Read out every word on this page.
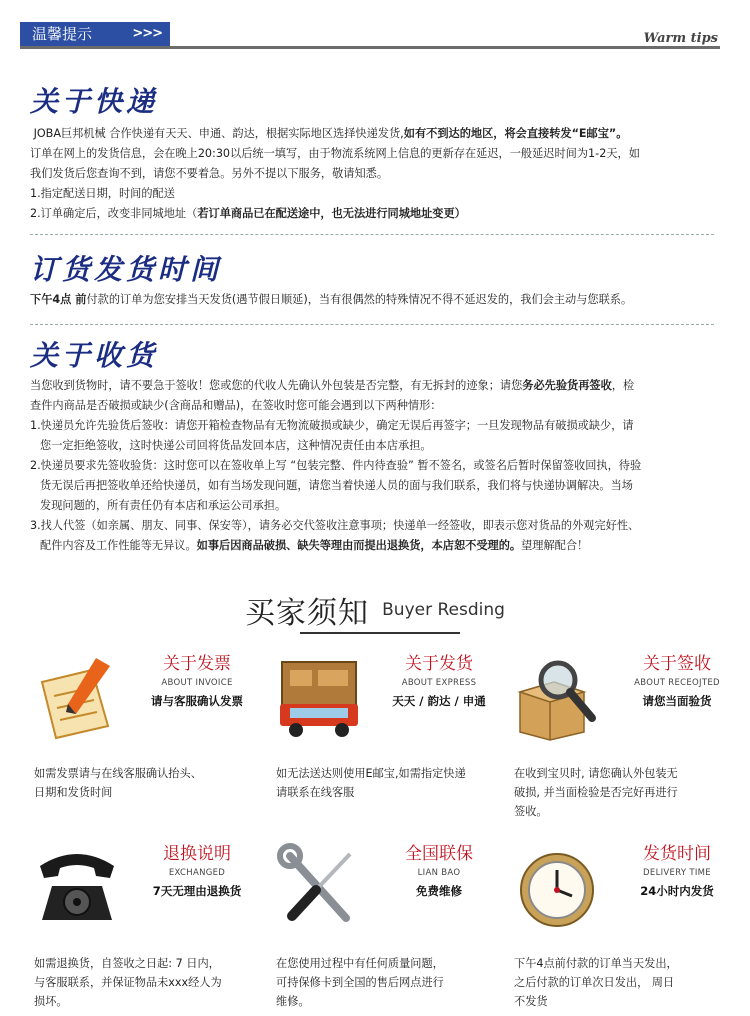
温馨提示	>>>	Warm tips
关于快递
JOBA巨邦机械 合作快递有天天、申通、韵达，根据实际地区选择快递发货,如有不到达的地区，将会直接转发“E邮宝”。
订单在网上的发货信息，会在晚上20:30以后统一填写，由于物流系统网上信息的更新存在延迟，一般延迟时间为1-2天，如
我们发货后您查询不到，请您不要着急。另外不提以下服务，敬请知悉。
1.指定配送日期，时间的配送
2.订单确定后，改变非同城地址（若订单商品已在配送途中，也无法进行同城地址变更）
订货发货时间
下午4点 前付款的订单为您安排当天发货(遇节假日顺延)，当有很偶然的特殊情况不得不延迟发的，我们会主动与您联系。
关于收货
当您收到货物时，请不要急于签收！您或您的代收人先确认外包装是否完整，有无拆封的迹象；请您务必先验货再签收，检
查件内商品是否破损或缺少(含商品和赠品)，在签收时您可能会遇到以下两种情形：
1.快递员允许先验货后签收：请您开箱检查物品有无物流破损或缺少，确定无误后再签字；一旦发现物品有破损或缺少，请
您一定拒绝签收，这时快递公司回将货品发回本店，这种情况责任由本店承担。
2.快递员要求先签收验货：这时您可以在签收单上写 “包装完整、件内待查验” 暂不签名，或签名后暂时保留签收回执，待验
货无误后再把签收单还给快递员，如有当场发现问题，请您当着快递人员的面与我们联系，我们将与快递协调解决。当场
发现问题的，所有责任仍有本店和承运公司承担。
3.找人代签（如亲属、朋友、同事、保安等），请务必交代签收注意事项；快递单一经签收，即表示您对货品的外观完好性、
配件内容及工作性能等无异议。如事后因商品破损、缺失等理由而提出退换货，本店恕不受理的。望理解配合！
买家须知 Buyer Resding
关于发票
ABOUT INVOICE
请与客服确认发票
如需发票请与在线客服确认抬头、
日期和发货时间
关于发货
ABOUT EXPRESS
天天 / 韵达 / 申通
如无法送达则使用E邮宝,如需指定快递
请联系在线客服
关于签收
ABOUT RECEOJTED
请您当面验货
在收到宝贝时, 请您确认外包装无
破损, 并当面检验是否完好再进行
签收。
退换说明
EXCHANGED
7天无理由退换货
如需退换货，自签收之日起: 7 日内，
与客服联系，并保证物品未xxx经人为
损坏。
全国联保
LIAN BAO
免费维修
在您使用过程中有任何质量问题，
可持保修卡到全国的售后网点进行
维修。
发货时间
DELIVERY TIME
24小时内发货
下午4点前付款的订单当天发出，
之后付款的订单次日发出， 周日
不发货
